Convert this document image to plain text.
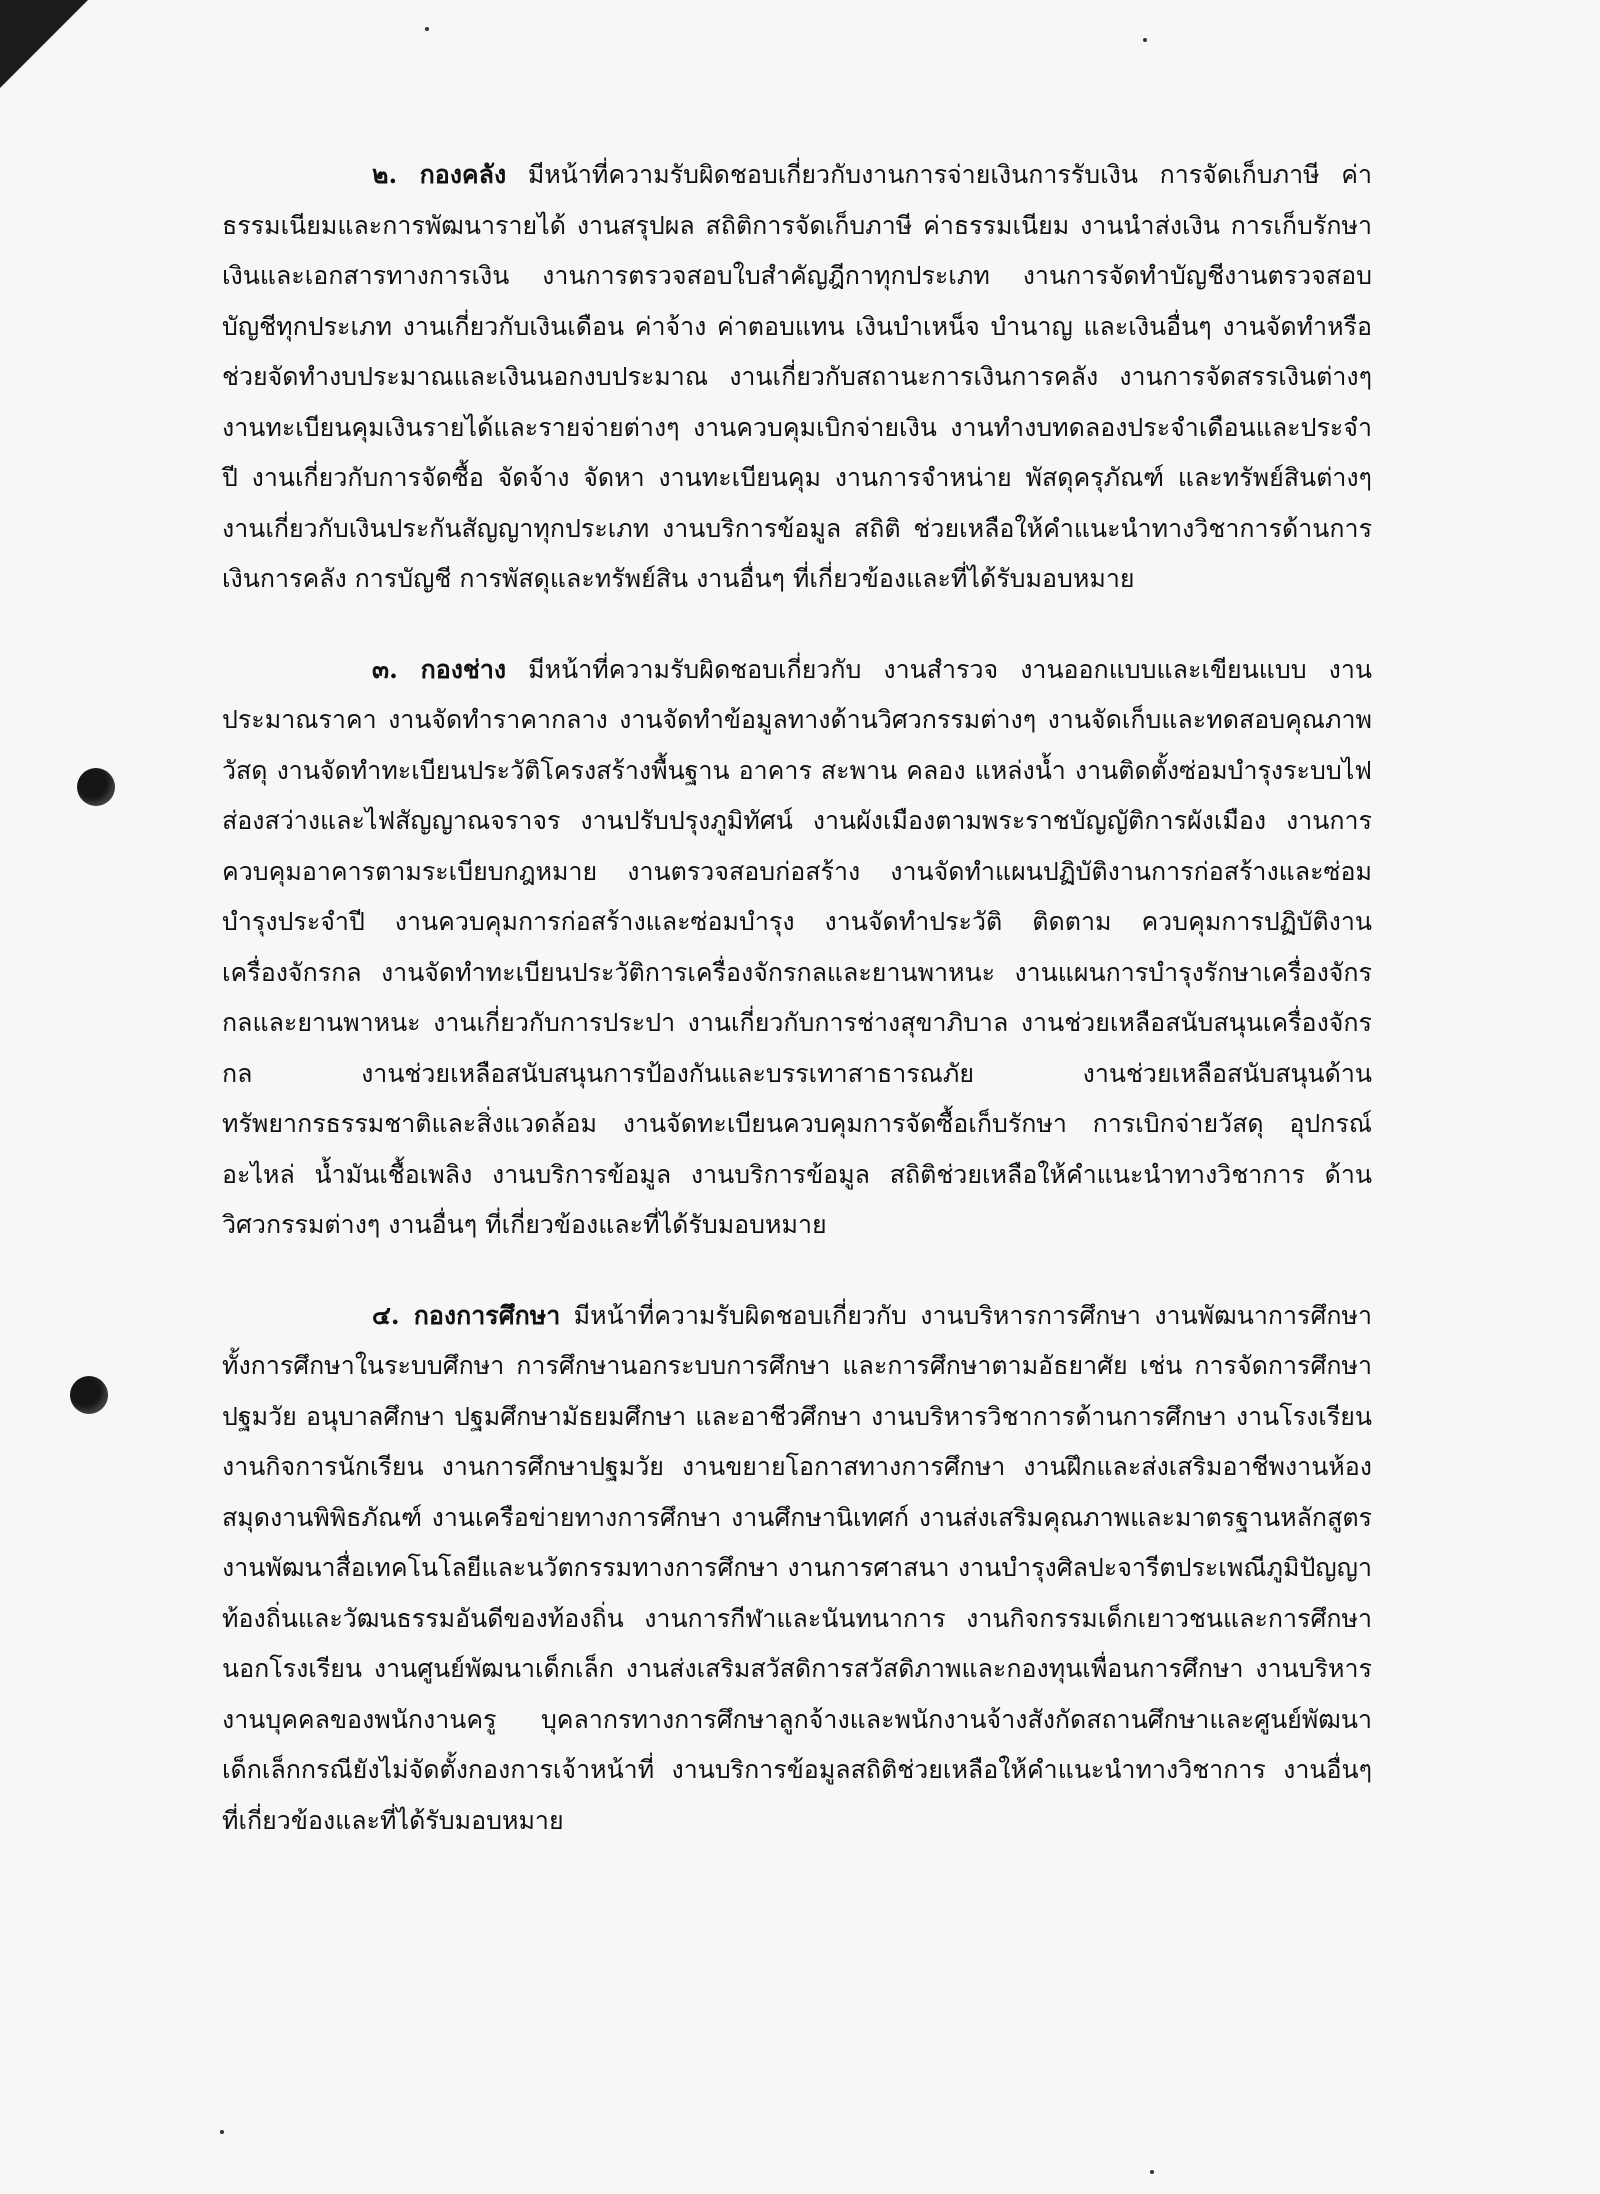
๒. กองคลัง มีหน้าที่ความรับผิดชอบเกี่ยวกับงานการจ่ายเงินการรับเงิน การจัดเก็บภาษี ค่าธรรมเนียมและการพัฒนารายได้ งานสรุปผล สถิติการจัดเก็บภาษี ค่าธรรมเนียม งานนำส่งเงิน การเก็บรักษาเงินและเอกสารทางการเงิน งานการตรวจสอบใบสำคัญฎีกาทุกประเภท งานการจัดทำบัญชีงานตรวจสอบบัญชีทุกประเภท งานเกี่ยวกับเงินเดือน ค่าจ้าง ค่าตอบแทน เงินบำเหน็จ บำนาญ และเงินอื่นๆ งานจัดทำหรือช่วยจัดทำงบประมาณและเงินนอกงบประมาณ งานเกี่ยวกับสถานะการเงินการคลัง งานการจัดสรรเงินต่างๆ งานทะเบียนคุมเงินรายได้และรายจ่ายต่างๆ งานควบคุมเบิกจ่ายเงิน งานทำงบทดลองประจำเดือนและประจำปี งานเกี่ยวกับการจัดซื้อ จัดจ้าง จัดหา งานทะเบียนคุม งานการจำหน่าย พัสดุครุภัณฑ์ และทรัพย์สินต่างๆ งานเกี่ยวกับเงินประกันสัญญาทุกประเภท งานบริการข้อมูล สถิติ ช่วยเหลือให้คำแนะนำทางวิชาการด้านการเงินการคลัง การบัญชี การพัสดุและทรัพย์สิน งานอื่นๆ ที่เกี่ยวข้องและที่ได้รับมอบหมาย

๓. กองช่าง มีหน้าที่ความรับผิดชอบเกี่ยวกับ งานสำรวจ งานออกแบบและเขียนแบบ งานประมาณราคา งานจัดทำราคากลาง งานจัดทำข้อมูลทางด้านวิศวกรรมต่างๆ งานจัดเก็บและทดสอบคุณภาพวัสดุ งานจัดทำทะเบียนประวัติโครงสร้างพื้นฐาน อาคาร สะพาน คลอง แหล่งน้ำ งานติดตั้งซ่อมบำรุงระบบไฟส่องสว่างและไฟสัญญาณจราจร งานปรับปรุงภูมิทัศน์ งานผังเมืองตามพระราชบัญญัติการผังเมือง งานการควบคุมอาคารตามระเบียบกฎหมาย งานตรวจสอบก่อสร้าง งานจัดทำแผนปฏิบัติงานการก่อสร้างและซ่อมบำรุงประจำปี งานควบคุมการก่อสร้างและซ่อมบำรุง งานจัดทำประวัติ ติดตาม ควบคุมการปฏิบัติงานเครื่องจักรกล งานจัดทำทะเบียนประวัติการเครื่องจักรกลและยานพาหนะ งานแผนการบำรุงรักษาเครื่องจักรกลและยานพาหนะ งานเกี่ยวกับการประปา งานเกี่ยวกับการช่างสุขาภิบาล งานช่วยเหลือสนับสนุนเครื่องจักรกล งานช่วยเหลือสนับสนุนการป้องกันและบรรเทาสาธารณภัย งานช่วยเหลือสนับสนุนด้านทรัพยากรธรรมชาติและสิ่งแวดล้อม งานจัดทะเบียนควบคุมการจัดซื้อเก็บรักษา การเบิกจ่ายวัสดุ อุปกรณ์อะไหล่ น้ำมันเชื้อเพลิง งานบริการข้อมูล งานบริการข้อมูล สถิติช่วยเหลือให้คำแนะนำทางวิชาการ ด้านวิศวกรรมต่างๆ งานอื่นๆ ที่เกี่ยวข้องและที่ได้รับมอบหมาย

๔. กองการศึกษา มีหน้าที่ความรับผิดชอบเกี่ยวกับ งานบริหารการศึกษา งานพัฒนาการศึกษาทั้งการศึกษาในระบบศึกษา การศึกษานอกระบบการศึกษา และการศึกษาตามอัธยาศัย เช่น การจัดการศึกษาปฐมวัย อนุบาลศึกษา ปฐมศึกษามัธยมศึกษา และอาชีวศึกษา งานบริหารวิชาการด้านการศึกษา งานโรงเรียน งานกิจการนักเรียน งานการศึกษาปฐมวัย งานขยายโอกาสทางการศึกษา งานฝึกและส่งเสริมอาชีพงานห้องสมุดงานพิพิธภัณฑ์ งานเครือข่ายทางการศึกษา งานศึกษานิเทศก์ งานส่งเสริมคุณภาพและมาตรฐานหลักสูตร งานพัฒนาสื่อเทคโนโลยีและนวัตกรรมทางการศึกษา งานการศาสนา งานบำรุงศิลปะจารีตประเพณีภูมิปัญญาท้องถิ่นและวัฒนธรรมอันดีของท้องถิ่น งานการกีฬาและนันทนาการ งานกิจกรรมเด็กเยาวชนและการศึกษานอกโรงเรียน งานศูนย์พัฒนาเด็กเล็ก งานส่งเสริมสวัสดิการสวัสดิภาพและกองทุนเพื่อนการศึกษา งานบริหาร งานบุคคลของพนักงานครู บุคลากรทางการศึกษาลูกจ้างและพนักงานจ้างสังกัดสถานศึกษาและศูนย์พัฒนาเด็กเล็กกรณียังไม่จัดตั้งกองการเจ้าหน้าที่ งานบริการข้อมูลสถิติช่วยเหลือให้คำแนะนำทางวิชาการ งานอื่นๆ ที่เกี่ยวข้องและที่ได้รับมอบหมาย
